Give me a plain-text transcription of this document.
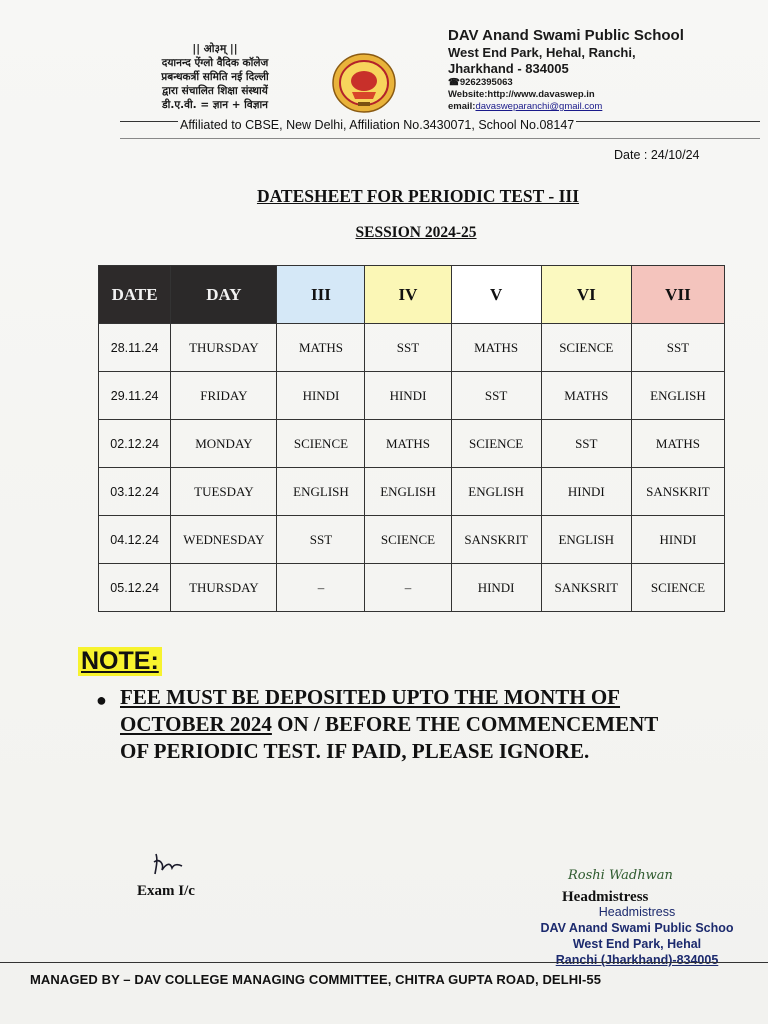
|| ओ३म् ||
दयानन्द ऐंग्लो वैदिक कॉलेज
प्रबन्धकर्त्री समिति नई दिल्ली
द्वारा संचालित शिक्षा संस्थायें
डी.ए.वी. = ज्ञान + विज्ञान
DAV Anand Swami Public School
West End Park, Hehal, Ranchi,
Jharkhand - 834005
☎9262395063
Website:http://www.davaswep.in
email:davasweparanchi@gmail.com
Affiliated to CBSE, New Delhi, Affiliation No.3430071, School No.08147
Date : 24/10/24
DATESHEET FOR PERIODIC TEST - III
SESSION 2024-25
DATE	DAY	III	IV	V	VI	VII
28.11.24	THURSDAY	MATHS	SST	MATHS	SCIENCE	SST
29.11.24	FRIDAY	HINDI	HINDI	SST	MATHS	ENGLISH
02.12.24	MONDAY	SCIENCE	MATHS	SCIENCE	SST	MATHS
03.12.24	TUESDAY	ENGLISH	ENGLISH	ENGLISH	HINDI	SANSKRIT
04.12.24	WEDNESDAY	SST	SCIENCE	SANSKRIT	ENGLISH	HINDI
05.12.24	THURSDAY	–	–	HINDI	SANKSRIT	SCIENCE
NOTE:
● FEE MUST BE DEPOSITED UPTO THE MONTH OF
OCTOBER 2024 ON / BEFORE THE COMMENCEMENT
OF PERIODIC TEST. IF PAID, PLEASE IGNORE.
Exam I/c
Roshi Wadhwan
Headmistress
Headmistress
DAV Anand Swami Public Schoo
West End Park, Hehal
Ranchi (Jharkhand)-834005
MANAGED BY – DAV COLLEGE MANAGING COMMITTEE, CHITRA GUPTA ROAD, DELHI-55
